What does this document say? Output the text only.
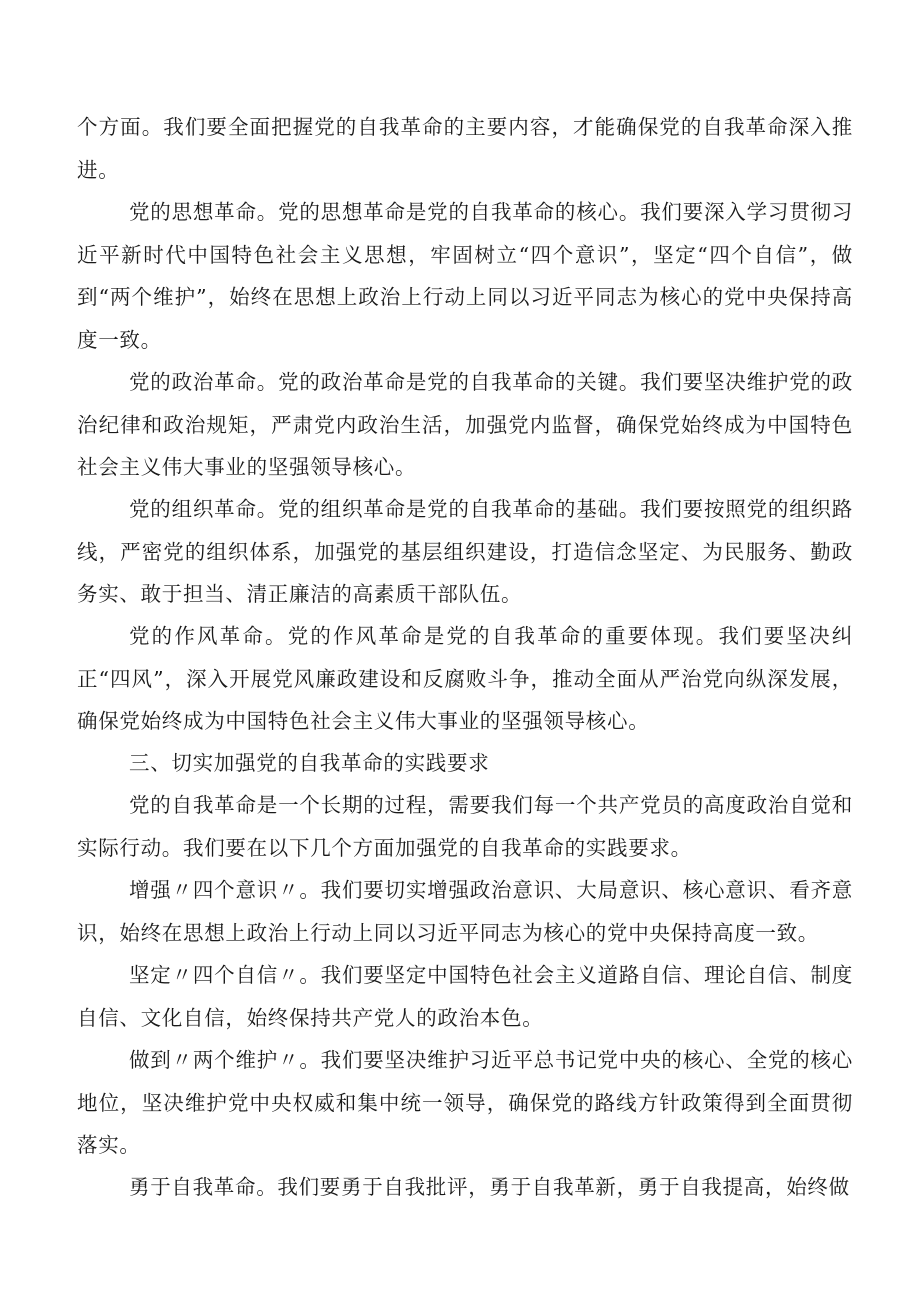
个方面。我们要全面把握党的自我革命的主要内容，才能确保党的自我革命深入推进。

党的思想革命。党的思想革命是党的自我革命的核心。我们要深入学习贯彻习近平新时代中国特色社会主义思想，牢固树立“四个意识”，坚定“四个自信”，做到“两个维护”，始终在思想上政治上行动上同以习近平同志为核心的党中央保持高度一致。

党的政治革命。党的政治革命是党的自我革命的关键。我们要坚决维护党的政治纪律和政治规矩，严肃党内政治生活，加强党内监督，确保党始终成为中国特色社会主义伟大事业的坚强领导核心。

党的组织革命。党的组织革命是党的自我革命的基础。我们要按照党的组织路线，严密党的组织体系，加强党的基层组织建设，打造信念坚定、为民服务、勤政务实、敢于担当、清正廉洁的高素质干部队伍。

党的作风革命。党的作风革命是党的自我革命的重要体现。我们要坚决纠正“四风”，深入开展党风廉政建设和反腐败斗争，推动全面从严治党向纵深发展，确保党始终成为中国特色社会主义伟大事业的坚强领导核心。

三、切实加强党的自我革命的实践要求

党的自我革命是一个长期的过程，需要我们每一个共产党员的高度政治自觉和实际行动。我们要在以下几个方面加强党的自我革命的实践要求。

增强〃四个意识〃。我们要切实增强政治意识、大局意识、核心意识、看齐意识，始终在思想上政治上行动上同以习近平同志为核心的党中央保持高度一致。

坚定〃四个自信〃。我们要坚定中国特色社会主义道路自信、理论自信、制度自信、文化自信，始终保持共产党人的政治本色。

做到〃两个维护〃。我们要坚决维护习近平总书记党中央的核心、全党的核心地位，坚决维护党中央权威和集中统一领导，确保党的路线方针政策得到全面贯彻落实。

勇于自我革命。我们要勇于自我批评，勇于自我革新，勇于自我提高，始终做
